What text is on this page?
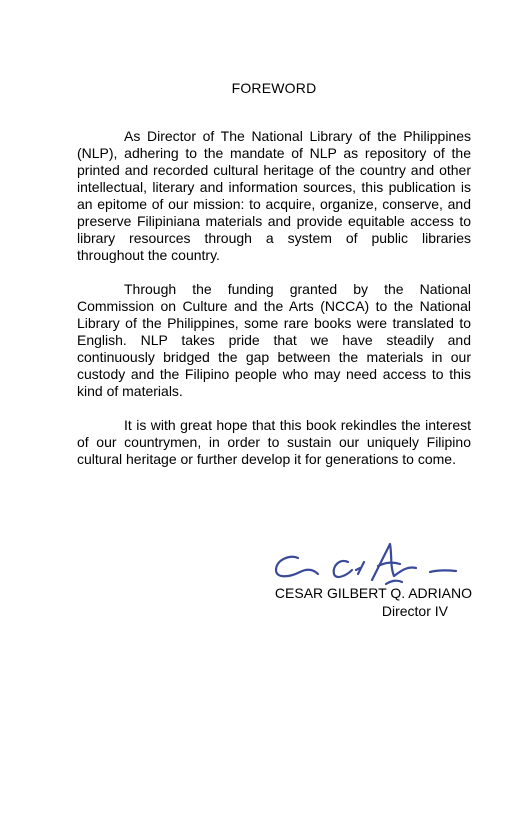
FOREWORD

As Director of The National Library of the Philippines (NLP), adhering to the mandate of NLP as repository of the printed and recorded cultural heritage of the country and other intellectual, literary and information sources, this publication is an epitome of our mission: to acquire, organize, conserve, and preserve Filipiniana materials and provide equitable access to library resources through a system of public libraries throughout the country.

Through the funding granted by the National Commission on Culture and the Arts (NCCA) to the National Library of the Philippines, some rare books were translated to English. NLP takes pride that we have steadily and continuously bridged the gap between the materials in our custody and the Filipino people who may need access to this kind of materials.

It is with great hope that this book rekindles the interest of our countrymen, in order to sustain our uniquely Filipino cultural heritage or further develop it for generations to come.

CESAR GILBERT Q. ADRIANO
Director IV
